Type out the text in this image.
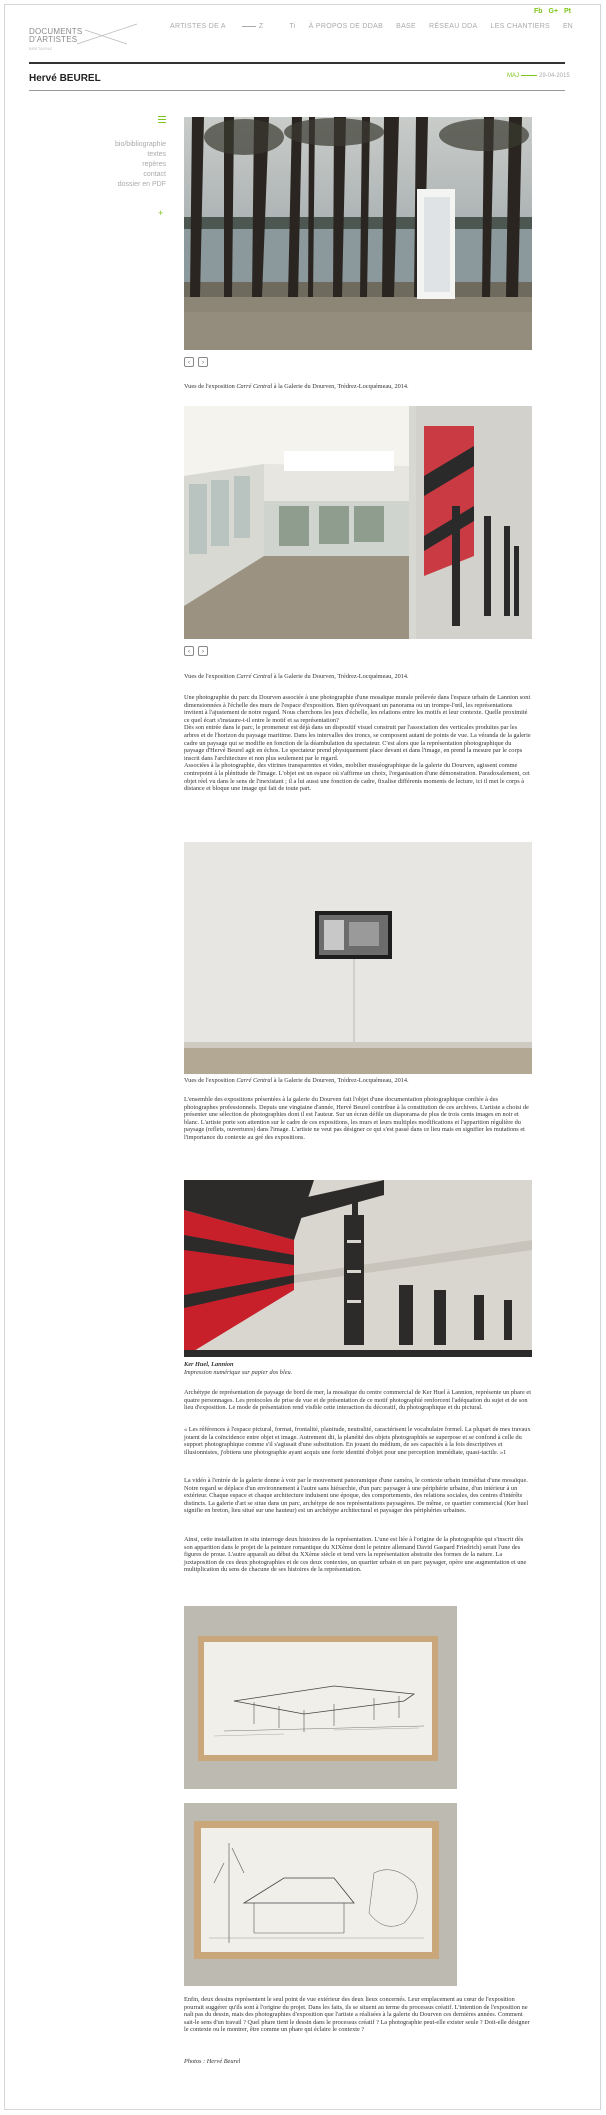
DOCUMENTS
D'ARTISTES
BRETAGNE
ARTISTES DE A	Z	Ti À PROPOS DE DDAB BASE RÉSEAU DDA LES CHANTIERS
Fb G+ Pt
EN
Hervé BEUREL	MAJ	29-04-2015
bio/bibliographie
textes
repères
contact
dossier en PDF
+
‹	›
Vues de l'exposition Carré Central à la Galerie du Dourven, Trédrez-Locquémeau, 2014.
‹	›
Vues de l'exposition Carré Central à la Galerie du Dourven, Trédrez-Locquémeau, 2014.
Une photographie du parc du Dourven associée à une photographie d'une mosaïque murale prélevée dans l'espace urbain de Lannion sont dimensionnées à l'échelle des murs de l'espace d'exposition. Bien qu'évoquant un panorama ou un trompe-l'œil, les représentations invitent à l'ajustement de notre regard. Nous cherchons les jeux d'échelle, les relations entre les motifs et leur contexte. Quelle proximité ce quel écart s'instaure-t-il entre le motif et sa représentation?
Dès son entrée dans le parc, le promeneur est déjà dans un dispositif visuel construit par l'association des verticales produites par les arbres et de l'horizon du paysage maritime. Dans les intervalles des troncs, se composent autant de points de vue. La véranda de la galerie cadre un paysage qui se modifie en fonction de la déambulation du spectateur. C'est alors que la représentation photographique du paysage d'Hervé Beurel agit en échos. Le spectateur prend physiquement place devant et dans l'image, en prend la mesure par le corps inscrit dans l'architecture et non plus seulement par le regard.
Associées à la photographie, des vitrines transparentes et vides, mobilier muséographique de la galerie du Dourven, agissent comme contrepoint à la plénitude de l'image. L'objet est un espace où s'affirme un choix, l'organisation d'une démonstration. Paradoxalement, cet objet réel vu dans le sens de l'inexistant ; il a lui aussi une fonction de cadre, fixalise différents moments de lecture, ici il met le corps à distance et bloque une image qui fait de toute part.
Vues de l'exposition Carré Central à la Galerie du Dourven, Trédrez-Locquémeau, 2014.
L'ensemble des expositions présentées à la galerie du Dourven fait l'objet d'une documentation photographique confiée à des photographes professionnels. Depuis une vingtaine d'année, Hervé Beurel contribue à la constitution de ces archives. L'artiste a choisi de présenter une sélection de photographies dont il est l'auteur. Sur un écran défile un diaporama de plus de trois cents images en noir et blanc. L'artiste porte son attention sur le cadre de ces expositions, les murs et leurs multiples modifications et l'apparition régulière du paysage (reflets, ouvertures) dans l'image. L'artiste ne veut pas désigner ce qui s'est passé dans ce lieu mais en signifier les mutations et l'importance du contexte au gré des expositions.
Ker Huel, Lannion
Impression numérique sur papier dos bleu.
Archétype de représentation de paysage de bord de mer, la mosaïque du centre commercial de Ker Huel à Lannion, représente un phare et quatre personnages. Les protocoles de prise de vue et de présentation de ce motif photographié renforcent l'adéquation du sujet et de son lieu d'exposition. Le mode de présentation rend visible cette interaction du décoratif, du photographique et du pictural.
« Les références à l'espace pictural, format, frontalité, planitude, neutralité, caractérisent le vocabulaire formel. La plupart de mes travaux jouent de la coïncidence entre objet et image. Autrement dit, la planéité des objets photographiés se superpose et se confond à celle du support photographique comme s'il s'agissait d'une substitution. En jouant du médium, de ses capacités à la fois descriptives et illusionnistes, j'obtiens une photographie ayant acquis une forte identité d'objet pour une perception immédiate, quasi-tactile. »1
La vidéo à l'entrée de la galerie donne à voir par le mouvement panoramique d'une caméra, le contexte urbain immédiat d'une mosaïque. Notre regard se déplace d'un environnement à l'autre sans hiérarchie, d'un parc paysager à une périphérie urbaine, d'un intérieur à un extérieur. Chaque espace et chaque architecture induisent une époque, des comportements, des relations sociales, des centres d'intérêts distincts. La galerie d'art se situe dans un parc, archétype de nos représentations paysagères. De même, ce quartier commercial (Ker huel signifie en breton, lieu situé sur une hauteur) est un archétype architectural et paysager des périphéries urbaines.
Ainsi, cette installation in situ interroge deux histoires de la représentation. L'une est liée à l'origine de la photographie qui s'inscrit dès son apparition dans le projet de la peinture romantique du XIXème dont le peintre allemand David Gaspard Friedrich) serait l'une des figures de proue. L'autre apparaît au début du XXème siècle et tend vers la représentation abstraite des formes de la nature. La juxtaposition de ces deux photographies et de ces deux contextes, un quartier urbain et un parc paysager, opère une augmentation et une multiplication du sens de chacune de ses histoires de la représentation.
Enfin, deux dessins représentent le seul point de vue extérieur des deux lieux concernés. Leur emplacement au cœur de l'exposition pourrait suggérer qu'ils sont à l'origine du projet. Dans les faits, ils se situent au terme du processus créatif. L'intention de l'exposition ne naît pas du dessin, mais des photographies d'exposition que l'artiste a réalisées à la galerie du Dourven ces dernières années. Comment sait-le sens d'un travail ? Quel phare tient le dessin dans le processus créatif ? La photographie peut-elle exister seule ? Doit-elle désigner le contexte ou le montrer, être comme un phare qui éclaire le contexte ?
Photos : Hervé Beurel
